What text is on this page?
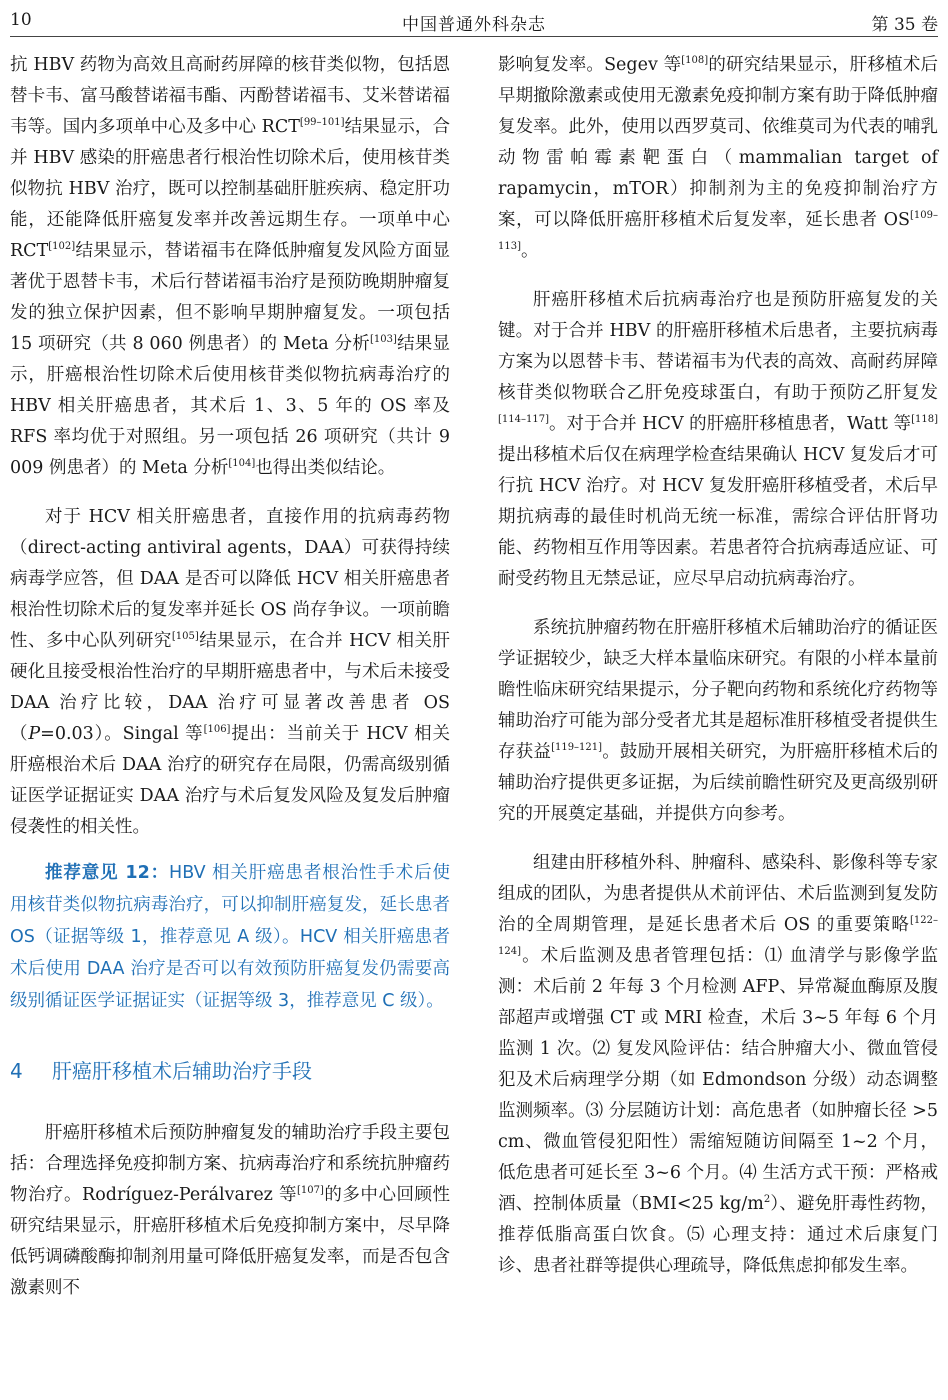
10	中国普通外科杂志	第 35 卷

抗 HBV 药物为高效且高耐药屏障的核苷类似物，包括恩替卡韦、富马酸替诺福韦酯、丙酚替诺福韦、艾米替诺福韦等。国内多项单中心及多中心 RCT[99–101]结果显示，合并 HBV 感染的肝癌患者行根治性切除术后，使用核苷类似物抗 HBV 治疗，既可以控制基础肝脏疾病、稳定肝功能，还能降低肝癌复发率并改善远期生存。一项单中心 RCT[102]结果显示，替诺福韦在降低肿瘤复发风险方面显著优于恩替卡韦，术后行替诺福韦治疗是预防晚期肿瘤复发的独立保护因素，但不影响早期肿瘤复发。一项包括 15 项研究（共 8 060 例患者）的 Meta 分析[103]结果显示，肝癌根治性切除术后使用核苷类似物抗病毒治疗的 HBV 相关肝癌患者，其术后 1、3、5 年的 OS 率及 RFS 率均优于对照组。另一项包括 26 项研究（共计 9 009 例患者）的 Meta 分析[104]也得出类似结论。

对于 HCV 相关肝癌患者，直接作用的抗病毒药物（direct-acting antiviral agents，DAA）可获得持续病毒学应答，但 DAA 是否可以降低 HCV 相关肝癌患者根治性切除术后的复发率并延长 OS 尚存争议。一项前瞻性、多中心队列研究[105]结果显示，在合并 HCV 相关肝硬化且接受根治性治疗的早期肝癌患者中，与术后未接受 DAA 治疗比较，DAA 治疗可显著改善患者 OS（P=0.03）。Singal 等[106]提出：当前关于 HCV 相关肝癌根治术后 DAA 治疗的研究存在局限，仍需高级别循证医学证据证实 DAA 治疗与术后复发风险及复发后肿瘤侵袭性的相关性。

推荐意见 12：HBV 相关肝癌患者根治性手术后使用核苷类似物抗病毒治疗，可以抑制肝癌复发，延长患者 OS（证据等级 1，推荐意见 A 级）。HCV 相关肝癌患者术后使用 DAA 治疗是否可以有效预防肝癌复发仍需要高级别循证医学证据证实（证据等级 3，推荐意见 C 级）。

4 肝癌肝移植术后辅助治疗手段

肝癌肝移植术后预防肿瘤复发的辅助治疗手段主要包括：合理选择免疫抑制方案、抗病毒治疗和系统抗肿瘤药物治疗。Rodríguez-Perálvarez 等[107]的多中心回顾性研究结果显示，肝癌肝移植术后免疫抑制方案中，尽早降低钙调磷酸酶抑制剂用量可降低肝癌复发率，而是否包含激素则不

影响复发率。Segev 等[108]的研究结果显示，肝移植术后早期撤除激素或使用无激素免疫抑制方案有助于降低肿瘤复发率。此外，使用以西罗莫司、依维莫司为代表的哺乳动物雷帕霉素靶蛋白（mammalian target of rapamycin，mTOR）抑制剂为主的免疫抑制治疗方案，可以降低肝癌肝移植术后复发率，延长患者 OS[109–113]。

肝癌肝移植术后抗病毒治疗也是预防肝癌复发的关键。对于合并 HBV 的肝癌肝移植术后患者，主要抗病毒方案为以恩替卡韦、替诺福韦为代表的高效、高耐药屏障核苷类似物联合乙肝免疫球蛋白，有助于预防乙肝复发[114–117]。对于合并 HCV 的肝癌肝移植患者，Watt 等[118]提出移植术后仅在病理学检查结果确认 HCV 复发后才可行抗 HCV 治疗。对 HCV 复发肝癌肝移植受者，术后早期抗病毒的最佳时机尚无统一标准，需综合评估肝肾功能、药物相互作用等因素。若患者符合抗病毒适应证、可耐受药物且无禁忌证，应尽早启动抗病毒治疗。

系统抗肿瘤药物在肝癌肝移植术后辅助治疗的循证医学证据较少，缺乏大样本量临床研究。有限的小样本量前瞻性临床研究结果提示，分子靶向药物和系统化疗药物等辅助治疗可能为部分受者尤其是超标准肝移植受者提供生存获益[119–121]。鼓励开展相关研究，为肝癌肝移植术后的辅助治疗提供更多证据，为后续前瞻性研究及更高级别研究的开展奠定基础，并提供方向参考。

组建由肝移植外科、肿瘤科、感染科、影像科等专家组成的团队，为患者提供从术前评估、术后监测到复发防治的全周期管理，是延长患者术后 OS 的重要策略[122–124]。术后监测及患者管理包括：⑴ 血清学与影像学监测：术后前 2 年每 3 个月检测 AFP、异常凝血酶原及腹部超声或增强 CT 或 MRI 检查，术后 3~5 年每 6 个月监测 1 次。⑵ 复发风险评估：结合肿瘤大小、微血管侵犯及术后病理学分期（如 Edmondson 分级）动态调整监测频率。⑶ 分层随访计划：高危患者（如肿瘤长径 >5 cm、微血管侵犯阳性）需缩短随访间隔至 1~2 个月，低危患者可延长至 3~6 个月。⑷ 生活方式干预：严格戒酒、控制体质量（BMI<25 $kg/m^2$）、避免肝毒性药物，推荐低脂高蛋白饮食。⑸ 心理支持：通过术后康复门诊、患者社群等提供心理疏导，降低焦虑抑郁发生率。
